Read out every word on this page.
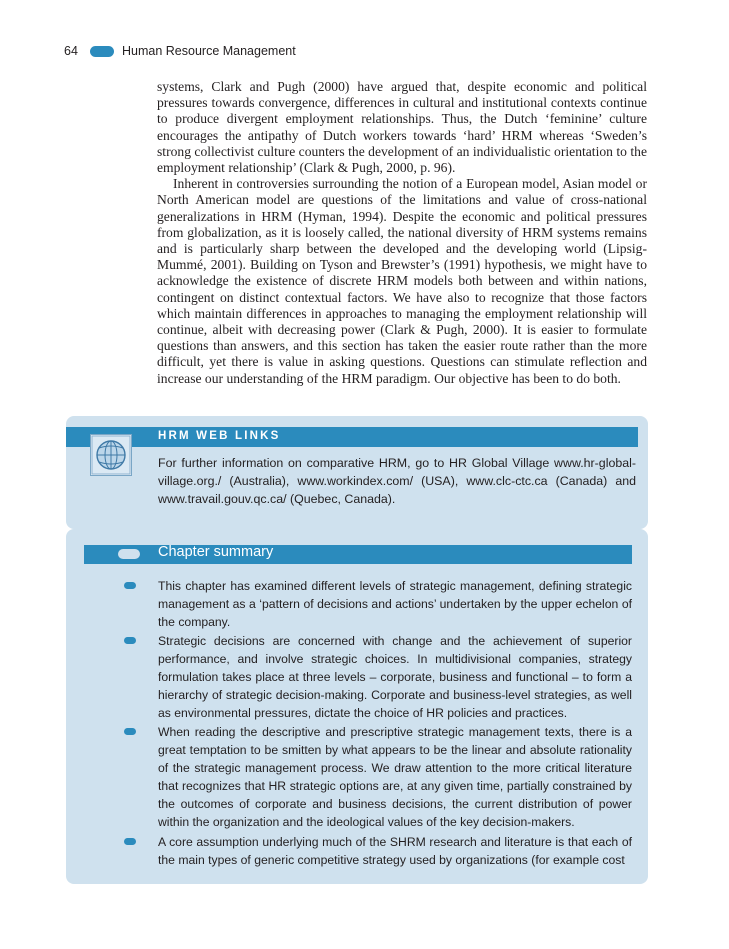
64	Human Resource Management

systems, Clark and Pugh (2000) have argued that, despite economic and political pressures towards convergence, differences in cultural and institutional contexts continue to produce divergent employment relationships. Thus, the Dutch ‘feminine’ culture encourages the antipathy of Dutch workers towards ‘hard’ HRM whereas ‘Sweden’s strong collectivist culture counters the development of an individualistic orientation to the employment relationship’ (Clark & Pugh, 2000, p. 96).

Inherent in controversies surrounding the notion of a European model, Asian model or North American model are questions of the limitations and value of cross-national generalizations in HRM (Hyman, 1994). Despite the economic and political pressures from globalization, as it is loosely called, the national diversity of HRM systems remains and is particularly sharp between the developed and the developing world (Lipsig-Mummé, 2001). Building on Tyson and Brewster’s (1991) hypothesis, we might have to acknowledge the existence of discrete HRM models both between and within nations, contingent on distinct contextual factors. We have also to recognize that those factors which maintain differences in approaches to managing the employment relationship will continue, albeit with decreasing power (Clark & Pugh, 2000). It is easier to formulate questions than answers, and this section has taken the easier route rather than the more difficult, yet there is value in asking questions. Questions can stimulate reflection and increase our understanding of the HRM paradigm. Our objective has been to do both.

HRM WEB LINKS
For further information on comparative HRM, go to HR Global Village www.hr-global-village.org./ (Australia), www.workindex.com/ (USA), www.clc-ctc.ca (Canada) and www.travail.gouv.qc.ca/ (Quebec, Canada).
Chapter summary
This chapter has examined different levels of strategic management, defining strategic management as a ‘pattern of decisions and actions’ undertaken by the upper echelon of the company.
Strategic decisions are concerned with change and the achievement of superior performance, and involve strategic choices. In multidivisional companies, strategy formulation takes place at three levels – corporate, business and functional – to form a hierarchy of strategic decision-making. Corporate and business-level strategies, as well as environmental pressures, dictate the choice of HR policies and practices.
When reading the descriptive and prescriptive strategic management texts, there is a great temptation to be smitten by what appears to be the linear and absolute rationality of the strategic management process. We draw attention to the more critical literature that recognizes that HR strategic options are, at any given time, partially constrained by the outcomes of corporate and business decisions, the current distribution of power within the organization and the ideological values of the key decision-makers.
A core assumption underlying much of the SHRM research and literature is that each of the main types of generic competitive strategy used by organizations (for example cost
